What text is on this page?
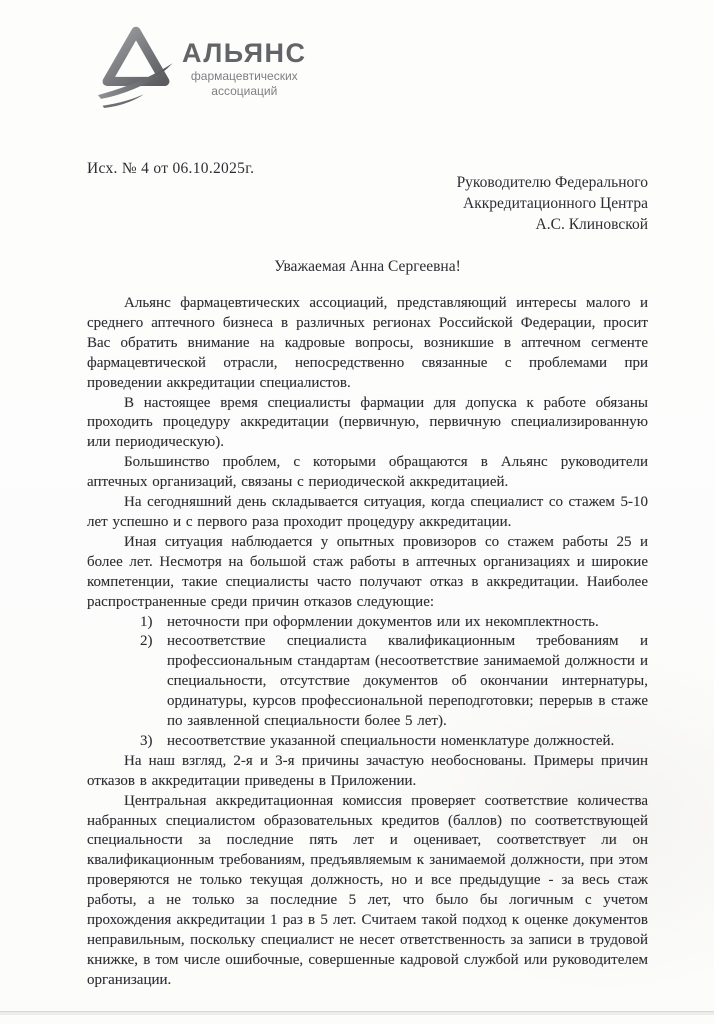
АЛЬЯНС
фармацевтических
ассоциаций
Исх. № 4 от 06.10.2025г.
Руководителю Федерального
Аккредитационного Центра
А.С. Клиновской
Уважаемая Анна Сергеевна!

Альянс фармацевтических ассоциаций, представляющий интересы малого и среднего аптечного бизнеса в различных регионах Российской Федерации, просит Вас обратить внимание на кадровые вопросы, возникшие в аптечном сегменте фармацевтической отрасли, непосредственно связанные с проблемами при проведении аккредитации специалистов.

В настоящее время специалисты фармации для допуска к работе обязаны проходить процедуру аккредитации (первичную, первичную специализированную или периодическую).

Большинство проблем, с которыми обращаются в Альянс руководители аптечных организаций, связаны с периодической аккредитацией.

На сегодняшний день складывается ситуация, когда специалист со стажем 5-10 лет успешно и с первого раза проходит процедуру аккредитации.

Иная ситуация наблюдается у опытных провизоров со стажем работы 25 и более лет. Несмотря на большой стаж работы в аптечных организациях и широкие компетенции, такие специалисты часто получают отказ в аккредитации. Наиболее распространенные среди причин отказов следующие:

1) неточности при оформлении документов или их некомплектность.
2) несоответствие специалиста квалификационным требованиям и профессиональным стандартам (несоответствие занимаемой должности и специальности, отсутствие документов об окончании интернатуры, ординатуры, курсов профессиональной переподготовки; перерыв в стаже по заявленной специальности более 5 лет).
3) несоответствие указанной специальности номенклатуре должностей.

На наш взгляд, 2-я и 3-я причины зачастую необоснованы. Примеры причин отказов в аккредитации приведены в Приложении.

Центральная аккредитационная комиссия проверяет соответствие количества набранных специалистом образовательных кредитов (баллов) по соответствующей специальности за последние пять лет и оценивает, соответствует ли он квалификационным требованиям, предъявляемым к занимаемой должности, при этом проверяются не только текущая должность, но и все предыдущие - за весь стаж работы, а не только за последние 5 лет, что было бы логичным с учетом прохождения аккредитации 1 раз в 5 лет. Считаем такой подход к оценке документов неправильным, поскольку специалист не несет ответственность за записи в трудовой книжке, в том числе ошибочные, совершенные кадровой службой или руководителем организации.
